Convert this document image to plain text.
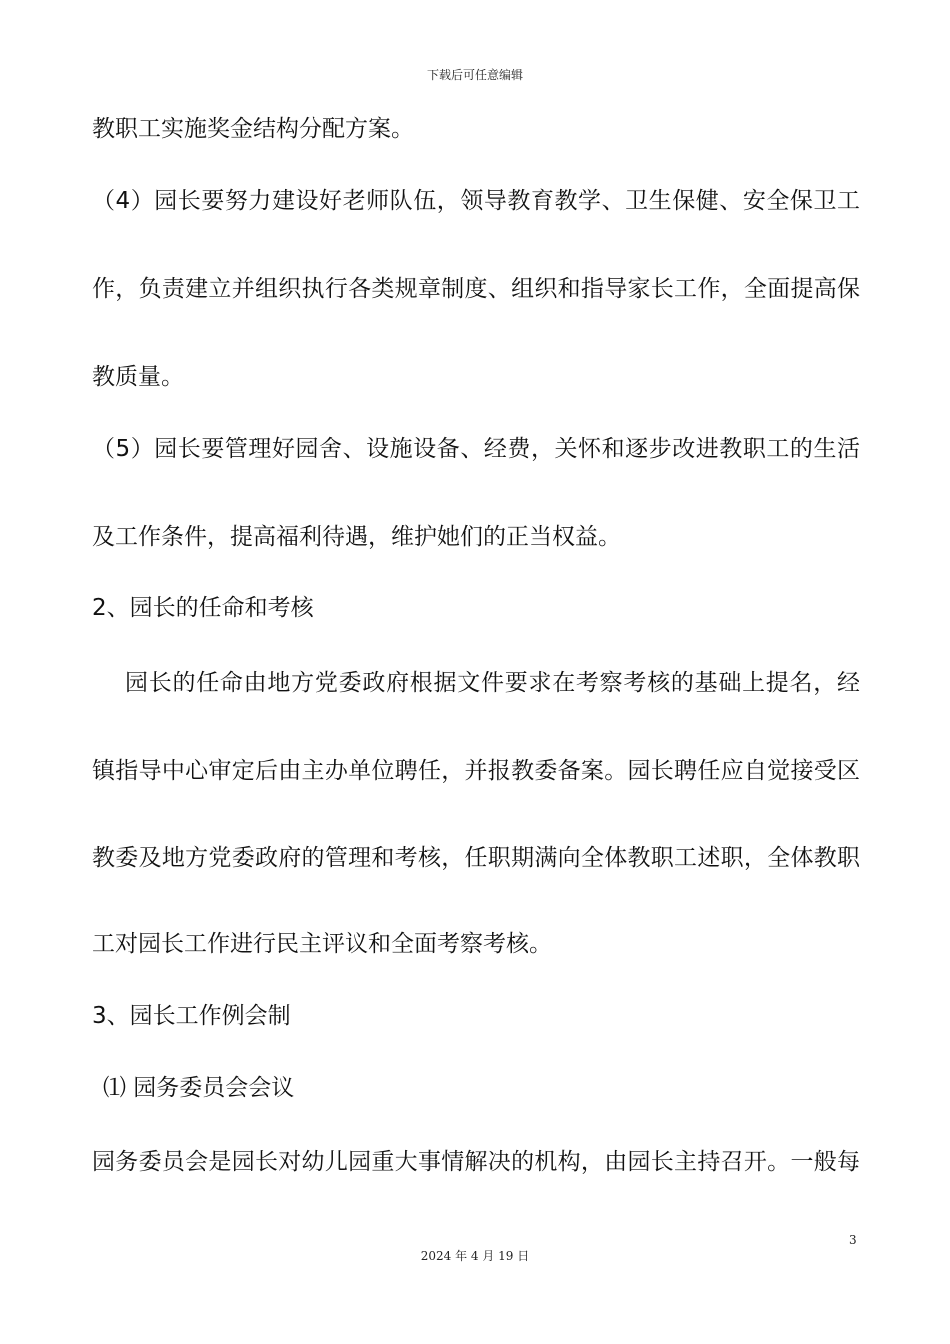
下载后可任意编辑
教职工实施奖金结构分配方案。
（4）园长要努力建设好老师队伍，领导教育教学、卫生保健、安全保卫工
作，负责建立并组织执行各类规章制度、组织和指导家长工作，全面提高保
教质量。
（5）园长要管理好园舍、设施设备、经费，关怀和逐步改进教职工的生活
及工作条件，提高福利待遇，维护她们的正当权益。
2、园长的任命和考核
园长的任命由地方党委政府根据文件要求在考察考核的基础上提名，经
镇指导中心审定后由主办单位聘任，并报教委备案。园长聘任应自觉接受区
教委及地方党委政府的管理和考核，任职期满向全体教职工述职，全体教职
工对园长工作进行民主评议和全面考察考核。
3、园长工作例会制
⑴ 园务委员会会议
园务委员会是园长对幼儿园重大事情解决的机构，由园长主持召开。一般每
3
2024 年 4 月 19 日
